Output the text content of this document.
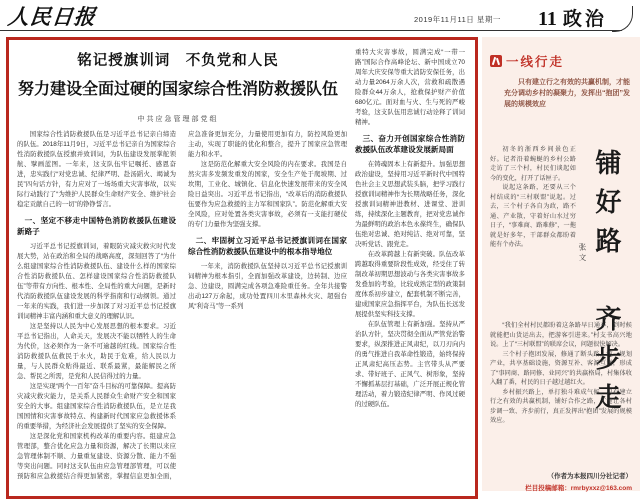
人民日报	2019年11月11日 星期一 11 政治
铭记授旗训词　不负党和人民
努力建设全面过硬的国家综合性消防救援队伍
中共应急管理部党组
国家综合性消防救援队伍是习近平总书记亲自缔造的队伍。2018年11月9日，习近平总书记亲自为国家综合性消防救援队伍授旗并致训词，为队伍建设发展掌舵领航、擘画蓝图。一年来，这支队伍牢记嘱托、感恩奋进，忠实践行“对党忠诚、纪律严明、赴汤蹈火、竭诚为民”四句话方针，有力应对了一场场重大灾害事故，以实际行动践行了“为维护人民群众生命财产安全、维护社会稳定贡献自己的一切”的铮铮誓言。
一、坚定不移走中国特色消防救援队伍建设新路子
习近平总书记授旗训词，着眼防灾减灾救灾时代发展大势，站在政治和全局的战略高度，深刻回答了“为什么组建国家综合性消防救援队伍、建设什么样的国家综合性消防救援队伍、怎样建设国家综合性消防救援队伍”等带有方向性、根本性、全局性的重大问题，是新时代消防救援队伍建设发展的科学指南和行动纲领。通过一年来的实践，我们进一步加深了对习近平总书记授旗训词精神丰富内涵和重大意义的理解认识。
这是坚持以人民为中心发展思想的根本要求。习近平总书记指出，人命关天，发展决不能以牺牲人的生命为代价，这必须作为一条不可逾越的红线。国家综合性消防救援队伍救民于水火，助民于危难，给人民以力量，与人民群众贴得最近、联系最紧，最能解民之所急、帮民之所需，是党和人民信得过的力量。
这是实现“两个一百年”奋斗目标的可靠保障。提高防灾减灾救灾能力，是关系人民群众生命财产安全和国家安全的大事。组建国家综合性消防救援队伍，是立足我国国情和灾害事故特点、构建新时代国家应急救援体系的重要举措，为经济社会发展提供了坚实的安全保障。
这是深化党和国家机构改革的重要内容。组建应急管理部，整合优化应急力量和资源，解决了长期以来应急管理体制不顺、力量重复建设、资源分散、能力不强等突出问题。同时这支队伍由应急管理部管理，可以使预防和应急救援结合得更加紧密，掌握信息更加全面，应急准备更加充分，力量使用更加有力，防控风险更加主动，实现了职能的优化和整合，提升了国家应急管理能力和水平。
这是防范化解重大安全风险的内在要求。我国是自然灾害多发频发重发的国家，安全生产处于爬坡期、过坎期，工业化、城镇化、信息化快速发展带来的安全风险日益突出。习近平总书记指出，“改革后的消防救援队伍要作为应急救援的主力军和国家队”。防范化解重大安全风险，应对处置各类灾害事故，必须有一支能打硬仗的专门力量作为坚强支撑。
二、牢固树立习近平总书记授旗训词在国家综合性消防救援队伍建设中的根本指导地位
一年来，消防救援队伍坚持以习近平总书记授旗训词精神为根本指引，全面加强改革建设，边转制、边应急、边建设，圆满完成各项急难险重任务。全年共接警出动127万余起，成功处置四川木里森林火灾、超强台风“利奇马”等一系列
重特大灾害事故，圆满完成“一带一路”国际合作高峰论坛、新中国成立70周年大庆安保等重大消防安保任务，出动力量2064万余人次，营救和疏散遇险群众44万余人，抢救保护财产价值680亿元。面对血与火、生与死的严峻考验，这支队伍用忠诚行动诠释了训词精神。
三、奋力开创国家综合性消防救援队伍改革建设发展新局面
在铸魂固本上有新提升。加强思想政治建设，坚持用习近平新时代中国特色社会主义思想武装头脑，把学习践行授旗训词精神作为长期战略任务，深化授旗训词精神进教材、进课堂、进训练，持续深化主题教育，把对党忠诚作为最鲜明的政治本色永葆终生，确保队伍绝对忠诚、绝对纯洁、绝对可靠，坚决听党话、跟党走。
在改革跨越上有新突破。队伍改革跨越取得重要阶段性成效，经受住了转制改革初期思想波动与各类灾害事故多发叠加的考验，比较成熟定型的政策制度体系初步建立，配套机制不断完善，建成国家应急指挥平台，为队伍长远发展提供坚实科技支撑。
在队伍管理上有新加强。坚持从严治队方针，坚决贯彻全面从严管党治警要求，纵深推进正风肃纪，以刀刃向内的勇气推进自我革命性锻造，始终保持正风肃纪高压态势。主官带头从严要求、带好班子、正风气、树形象，坚持不懈抓基层打基础，广泛开展正规化管理活动，着力锻造纪律严明、作风过硬的过硬队伍。
一线行走
只有建立行之有效的共赢机制，才能充分调动乡村的凝聚力，发挥出“抱团”发展的规模效应
初冬的浙西乡间景色正好。记者沿着蜿蜒的乡村公路走访了三个村，村民们谈起如今的变化，打开了话匣子。
说起这条路，还要从三个村结成的“三村联盟”说起。过去，三个村子各自为政，路不通、产业散，守着好山水过穷日子，“事难商、路难修”，一拖就是好多年，干部群众都盼着能有个办法。	铺好路　齐步走
张文
“我们全村村民都盼着这条路早日通车，到时候就能把山货运出去，把游客引进来。”村支书高兴地说。上了“三村联盟”的联席会议，问题很快解决。
三个村子抱团发展，修通了断头路，统一规划产业，共享基础设施，资源互补、客源互送，形成了“事同商、路同修、业同兴”的共赢格局，村集体收入翻了番，村民的日子越过越红火。
乡村振兴路上，单打独斗难成气候。只有建立行之有效的共赢机制，铺好合作之路，才能让各村步调一致、齐步前行，真正发挥出“抱团”发展的规模效应。
（作者为本报四川分社记者）
栏目投稿邮箱：rmrbyxxz@163.com
